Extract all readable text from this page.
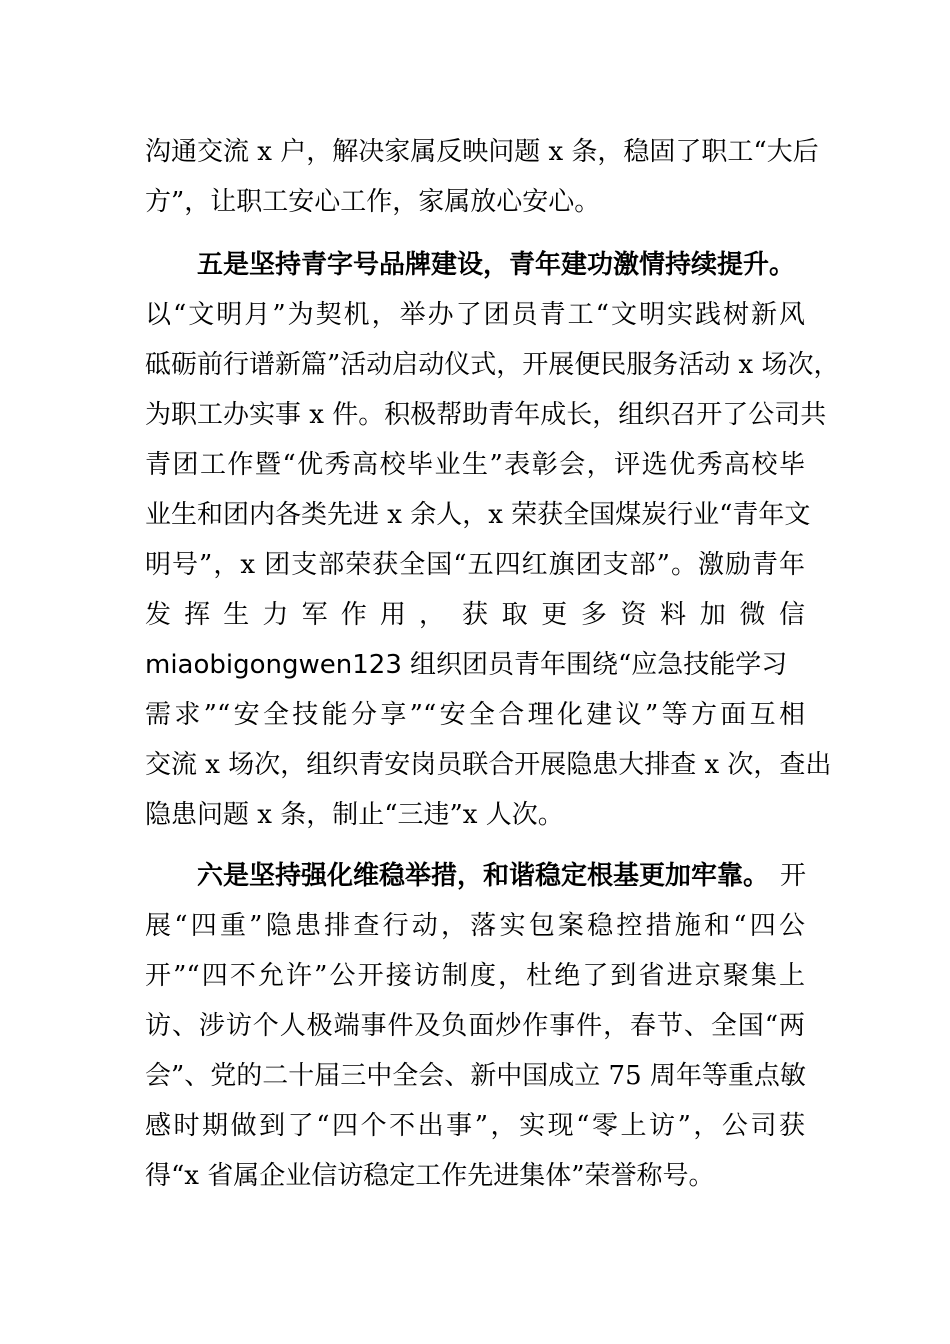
沟通交流 x 户，解决家属反映问题 x 条，稳固了职工“大后
方”，让职工安心工作，家属放心安心。
五是坚持青字号品牌建设，青年建功激情持续提升。
以“文明月”为契机，举办了团员青工“文明实践树新风
砥砺前行谱新篇”活动启动仪式，开展便民服务活动 x 场次，
为职工办实事 x 件。积极帮助青年成长，组织召开了公司共
青团工作暨“优秀高校毕业生”表彰会，评选优秀高校毕
业生和团内各类先进 x 余人，x 荣获全国煤炭行业“青年文
明号”，x 团支部荣获全国“五四红旗团支部”。激励青年
发挥生力军作用， 获取更多资料加微信
miaobigongwen123 组织团员青年围绕“应急技能学习
需求”“安全技能分享”“安全合理化建议”等方面互相
交流 x 场次，组织青安岗员联合开展隐患大排查 x 次，查出
隐患问题 x 条，制止“三违”x 人次。
六是坚持强化维稳举措，和谐稳定根基更加牢靠。 开
展“四重”隐患排查行动，落实包案稳控措施和“四公
开”“四不允许”公开接访制度，杜绝了到省进京聚集上
访、涉访个人极端事件及负面炒作事件，春节、全国“两
会”、党的二十届三中全会、新中国成立 75 周年等重点敏
感时期做到了“四个不出事”，实现“零上访”，公司获
得“x 省属企业信访稳定工作先进集体”荣誉称号。
